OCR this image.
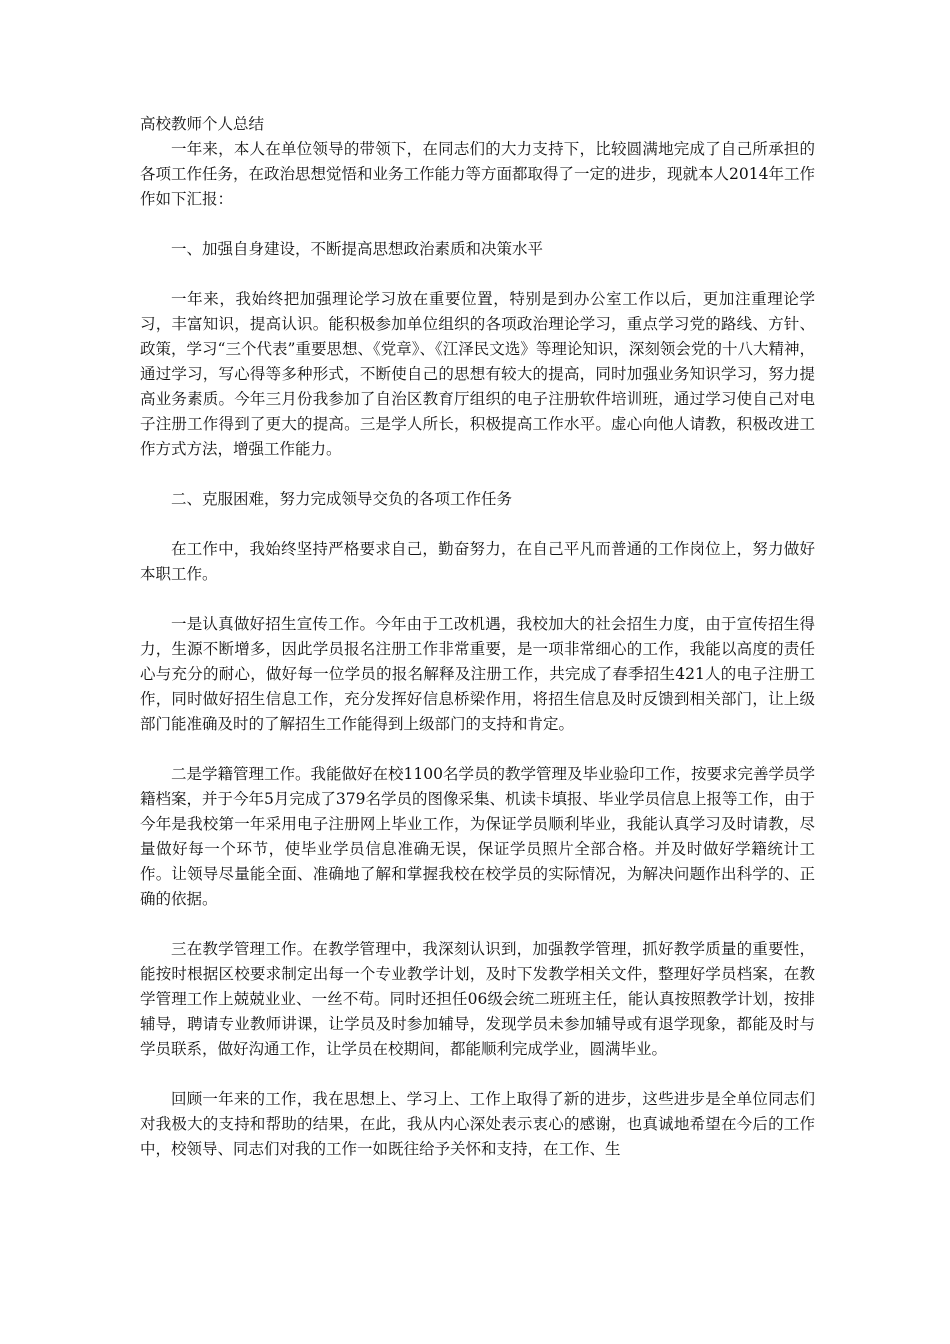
高校教师个人总结

一年来，本人在单位领导的带领下，在同志们的大力支持下，比较圆满地完成了自己所承担的各项工作任务，在政治思想觉悟和业务工作能力等方面都取得了一定的进步，现就本人2014年工作作如下汇报：

一、加强自身建设，不断提高思想政治素质和决策水平

一年来，我始终把加强理论学习放在重要位置，特别是到办公室工作以后，更加注重理论学习，丰富知识，提高认识。能积极参加单位组织的各项政治理论学习，重点学习党的路线、方针、政策，学习“三个代表”重要思想、《党章》、《江泽民文选》等理论知识，深刻领会党的十八大精神，通过学习，写心得等多种形式，不断使自己的思想有较大的提高，同时加强业务知识学习，努力提高业务素质。今年三月份我参加了自治区教育厅组织的电子注册软件培训班，通过学习使自己对电子注册工作得到了更大的提高。三是学人所长，积极提高工作水平。虚心向他人请教，积极改进工作方式方法，增强工作能力。

二、克服困难，努力完成领导交负的各项工作任务

在工作中，我始终坚持严格要求自己，勤奋努力，在自己平凡而普通的工作岗位上，努力做好本职工作。

一是认真做好招生宣传工作。今年由于工改机遇，我校加大的社会招生力度，由于宣传招生得力，生源不断增多，因此学员报名注册工作非常重要，是一项非常细心的工作，我能以高度的责任心与充分的耐心，做好每一位学员的报名解释及注册工作，共完成了春季招生421人的电子注册工作，同时做好招生信息工作，充分发挥好信息桥梁作用，将招生信息及时反馈到相关部门，让上级部门能准确及时的了解招生工作能得到上级部门的支持和肯定。

二是学籍管理工作。我能做好在校1100名学员的教学管理及毕业验印工作，按要求完善学员学籍档案，并于今年5月完成了379名学员的图像采集、机读卡填报、毕业学员信息上报等工作，由于今年是我校第一年采用电子注册网上毕业工作，为保证学员顺利毕业，我能认真学习及时请教，尽量做好每一个环节，使毕业学员信息准确无误，保证学员照片全部合格。并及时做好学籍统计工作。让领导尽量能全面、准确地了解和掌握我校在校学员的实际情况，为解决问题作出科学的、正确的依据。

三在教学管理工作。在教学管理中，我深刻认识到，加强教学管理，抓好教学质量的重要性，能按时根据区校要求制定出每一个专业教学计划，及时下发教学相关文件，整理好学员档案，在教学管理工作上兢兢业业、一丝不苟。同时还担任06级会统二班班主任，能认真按照教学计划，按排辅导，聘请专业教师讲课，让学员及时参加辅导，发现学员未参加辅导或有退学现象，都能及时与学员联系，做好沟通工作，让学员在校期间，都能顺利完成学业，圆满毕业。

回顾一年来的工作，我在思想上、学习上、工作上取得了新的进步，这些进步是全单位同志们对我极大的支持和帮助的结果，在此，我从内心深处表示衷心的感谢，也真诚地希望在今后的工作中，校领导、同志们对我的工作一如既往给予关怀和支持，在工作、生
